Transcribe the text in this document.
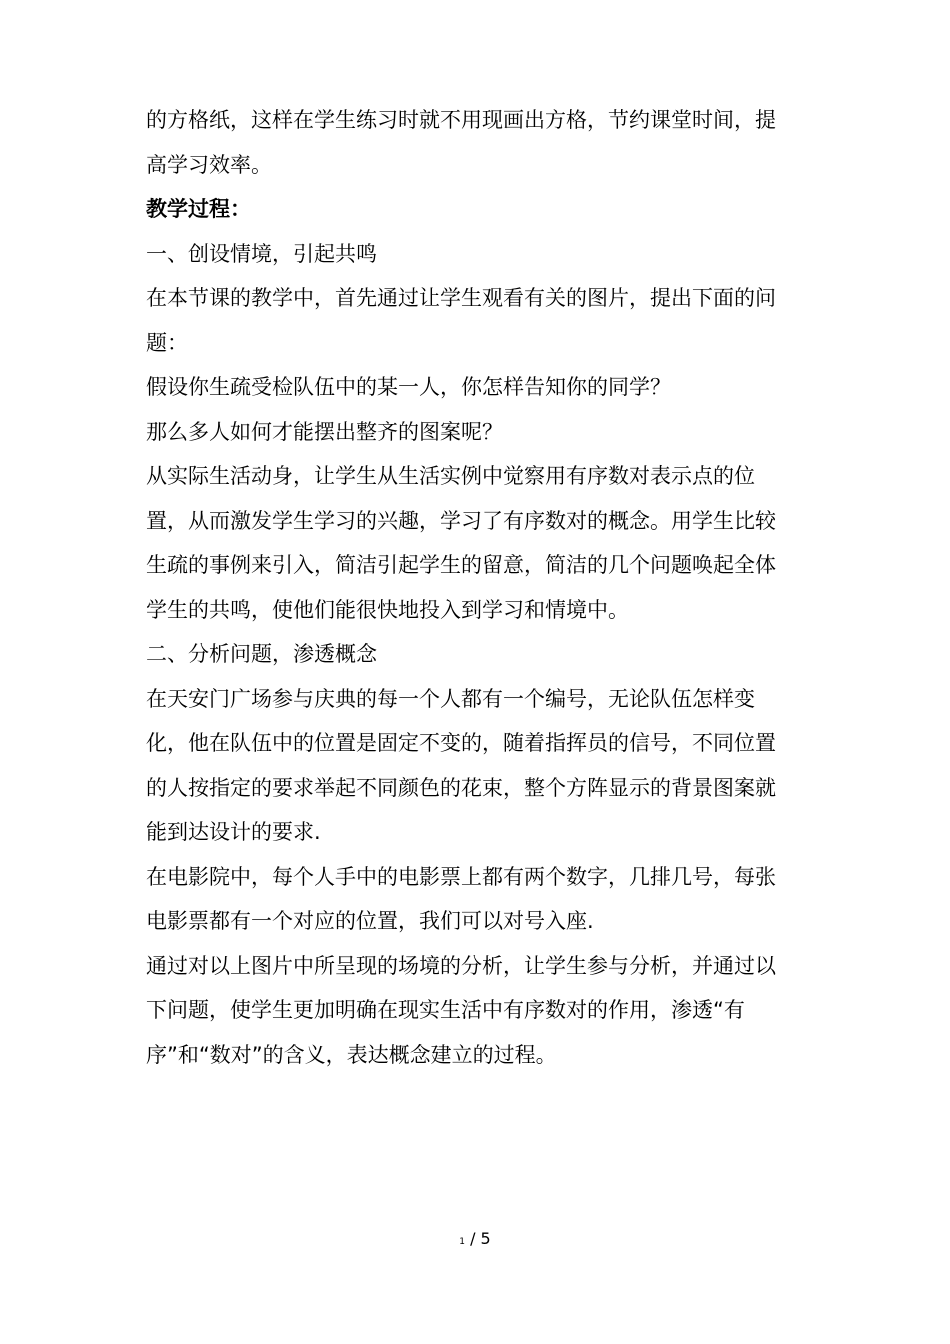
的方格纸，这样在学生练习时就不用现画出方格，节约课堂时间，提
高学习效率。
教学过程：
一、创设情境，引起共鸣
在本节课的教学中，首先通过让学生观看有关的图片，提出下面的问
题：
假设你生疏受检队伍中的某一人，你怎样告知你的同学？
那么多人如何才能摆出整齐的图案呢？
从实际生活动身，让学生从生活实例中觉察用有序数对表示点的位
置，从而激发学生学习的兴趣，学习了有序数对的概念。用学生比较
生疏的事例来引入，简洁引起学生的留意，简洁的几个问题唤起全体
学生的共鸣，使他们能很快地投入到学习和情境中。
二、分析问题，渗透概念
在天安门广场参与庆典的每一个人都有一个编号，无论队伍怎样变
化，他在队伍中的位置是固定不变的，随着指挥员的信号，不同位置
的人按指定的要求举起不同颜色的花束，整个方阵显示的背景图案就
能到达设计的要求.
在电影院中，每个人手中的电影票上都有两个数字，几排几号，每张
电影票都有一个对应的位置，我们可以对号入座.
通过对以上图片中所呈现的场境的分析，让学生参与分析，并通过以
下问题，使学生更加明确在现实生活中有序数对的作用，渗透“有
序”和“数对”的含义，表达概念建立的过程。
1 / 5
